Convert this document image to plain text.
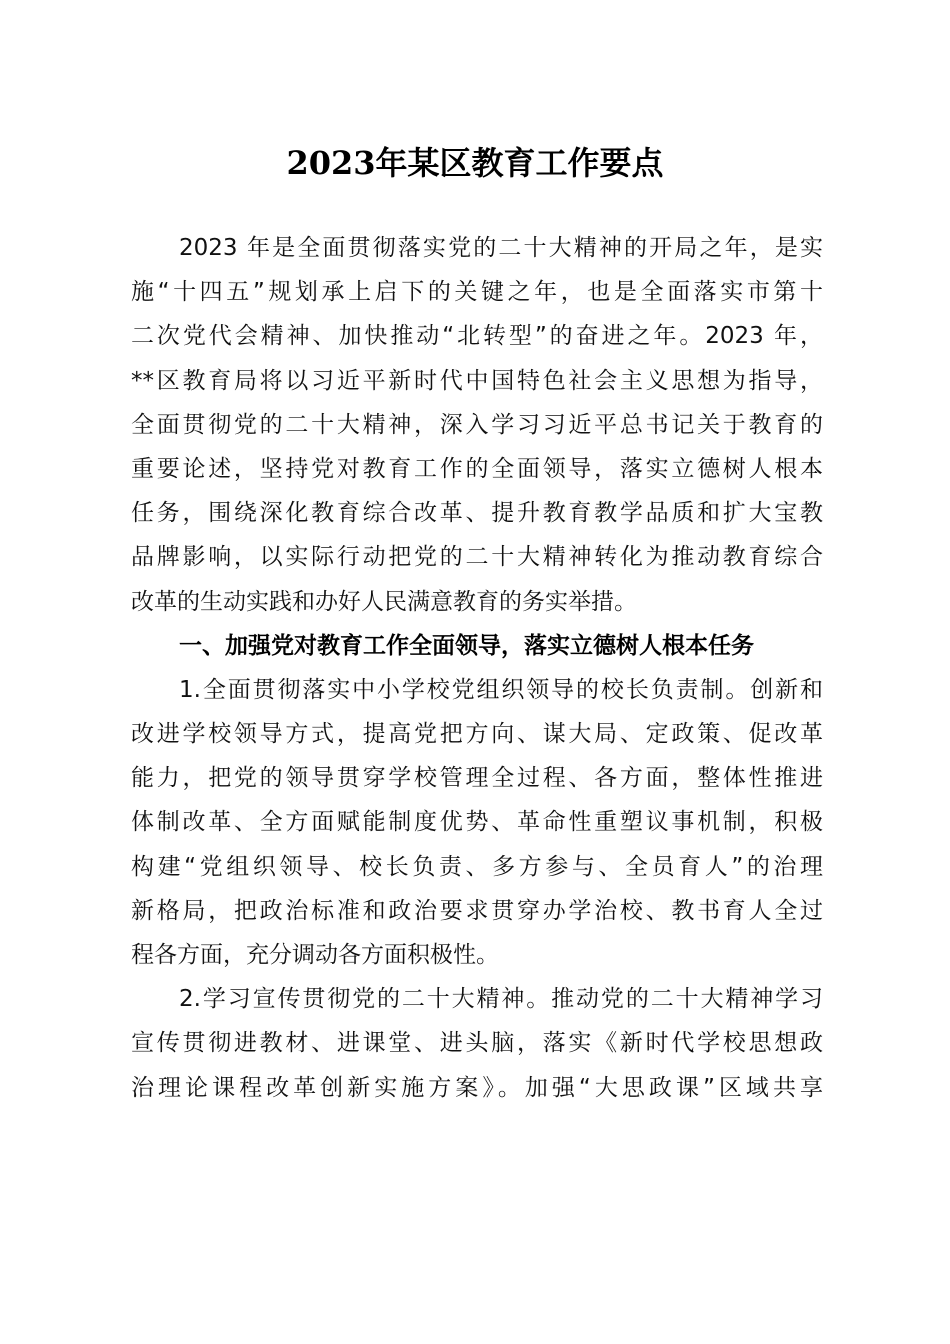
2023年某区教育工作要点
2023 年是全面贯彻落实党的二十大精神的开局之年，是实
施“十四五”规划承上启下的关键之年，也是全面落实市第十
二次党代会精神、加快推动“北转型”的奋进之年。2023 年，
**区教育局将以习近平新时代中国特色社会主义思想为指导，
全面贯彻党的二十大精神，深入学习习近平总书记关于教育的
重要论述，坚持党对教育工作的全面领导，落实立德树人根本
任务，围绕深化教育综合改革、提升教育教学品质和扩大宝教
品牌影响，以实际行动把党的二十大精神转化为推动教育综合
改革的生动实践和办好人民满意教育的务实举措。
一、加强党对教育工作全面领导，落实立德树人根本任务
1.全面贯彻落实中小学校党组织领导的校长负责制。创新和
改进学校领导方式，提高党把方向、谋大局、定政策、促改革
能力，把党的领导贯穿学校管理全过程、各方面，整体性推进
体制改革、全方面赋能制度优势、革命性重塑议事机制，积极
构建“党组织领导、校长负责、多方参与、全员育人”的治理
新格局，把政治标准和政治要求贯穿办学治校、教书育人全过
程各方面，充分调动各方面积极性。
2.学习宣传贯彻党的二十大精神。推动党的二十大精神学习
宣传贯彻进教材、进课堂、进头脑，落实《新时代学校思想政
治理论课程改革创新实施方案》。加强“大思政课”区域共享
